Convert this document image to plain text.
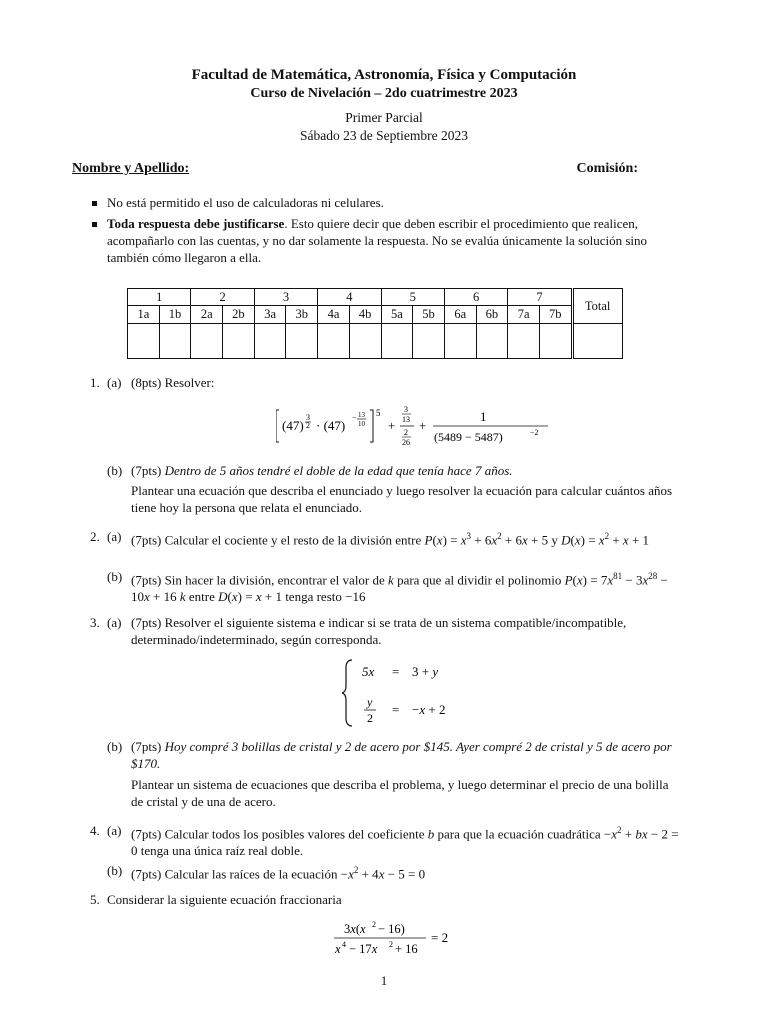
Facultad de Matemática, Astronomía, Física y Computación
Curso de Nivelación – 2do cuatrimestre 2023
Primer Parcial
Sábado 23 de Septiembre 2023
Nombre y Apellido:	Comisión:
No está permitido el uso de calculadoras ni celulares.
Toda respuesta debe justificarse. Esto quiere decir que deben escribir el procedimiento que realicen, acompañarlo con las cuentas, y no dar solamente la respuesta. No se evalúa únicamente la solución sino también cómo llegaron a ella.
1		2		3		4		5		6		7		Total
1a	1b	2a	2b	3a	3b	4a	4b	5a	5b	6a	6b	7a	7b	

1. (a) (8pts) Resolver:
(47)
3
2 · (47)
− 13
10
5
+
3
13
2
26
+
1
(5489 − 5487)	−2
(b) (7pts) Dentro de 5 años tendré el doble de la edad que tenía hace 7 años.
Plantear una ecuación que describa el enunciado y luego resolver la ecuación para calcular cuántos años tiene hoy la persona que relata el enunciado.
2. (a) (7pts) Calcular el cociente y el resto de la división entre $P(x) = x^3 + 6x^2 + 6x + 5$ y $D(x) = x^2 + x + 1$
(b) (7pts) Sin hacer la división, encontrar el valor de k para que al dividir el polinomio $P(x) = 7x^{81} - 3x^{28} - 10x + 16$ k entre D(x) = x + 1 tenga resto −16
3. (a) (7pts) Resolver el siguiente sistema e indicar si se trata de un sistema compatible/incompatible, determinado/indeterminado, según corresponda.
5x = 3 + y
y
2
= −x + 2
(b) (7pts) Hoy compré 3 bolillas de cristal y 2 de acero por $145. Ayer compré 2 de cristal y 5 de acero por $170.
Plantear un sistema de ecuaciones que describa el problema, y luego determinar el precio de una bolilla de cristal y de una de acero.
4. (a) (7pts) Calcular todos los posibles valores del coeficiente b para que la ecuación cuadrática $-x^2$ + bx − 2 = 0 tenga una única raíz real doble.
(b) (7pts) Calcular las raíces de la ecuación $-x^2 + 4x - 5 = 0$
5. Considerar la siguiente ecuación fraccionaria
3x(x 2 − 16)
x 4 − 17x 2 + 16
= 2
1
